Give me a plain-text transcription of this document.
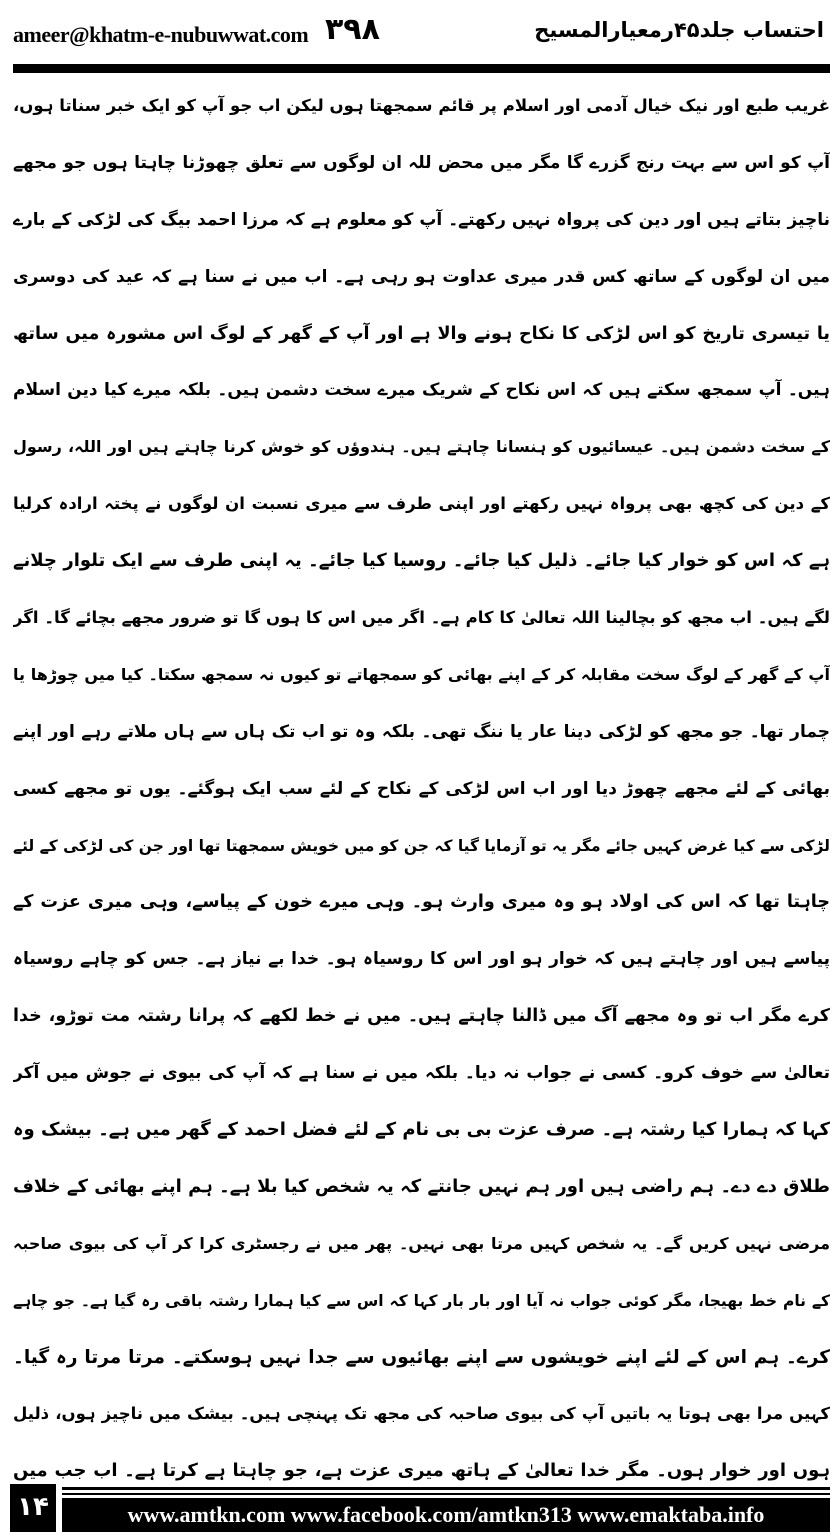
ameer@khatm-e-nubuwwat.com ۳۹۸	احتساب جلد۴۵رمعیارالمسیح
غریب طبع اور نیک خیال آدمی اور اسلام پر قائم سمجھتا ہوں لیکن اب جو آپ کو ایک خبر سناتا ہوں،
آپ کو اس سے بہت رنج گزرے گا مگر میں محض للہ ان لوگوں سے تعلق چھوڑنا چاہتا ہوں جو مجھے
ناچیز بتاتے ہیں اور دین کی پرواہ نہیں رکھتے۔ آپ کو معلوم ہے کہ مرزا احمد بیگ کی لڑکی کے بارے
میں ان لوگوں کے ساتھ کس قدر میری عداوت ہو رہی ہے۔ اب میں نے سنا ہے کہ عید کی دوسری
یا تیسری تاریخ کو اس لڑکی کا نکاح ہونے والا ہے اور آپ کے گھر کے لوگ اس مشورہ میں ساتھ
ہیں۔ آپ سمجھ سکتے ہیں کہ اس نکاح کے شریک میرے سخت دشمن ہیں۔ بلکہ میرے کیا دین اسلام
کے سخت دشمن ہیں۔ عیسائیوں کو ہنسانا چاہتے ہیں۔ ہندوؤں کو خوش کرنا چاہتے ہیں اور اللہ، رسول
کے دین کی کچھ بھی پرواہ نہیں رکھتے اور اپنی طرف سے میری نسبت ان لوگوں نے پختہ ارادہ کرلیا
ہے کہ اس کو خوار کیا جائے۔ ذلیل کیا جائے۔ روسیا کیا جائے۔ یہ اپنی طرف سے ایک تلوار چلانے
لگے ہیں۔ اب مجھ کو بچالینا اللہ تعالیٰ کا کام ہے۔ اگر میں اس کا ہوں گا تو ضرور مجھے بچائے گا۔ اگر
آپ کے گھر کے لوگ سخت مقابلہ کر کے اپنے بھائی کو سمجھاتے تو کیوں نہ سمجھ سکتا۔ کیا میں چوڑھا یا
چمار تھا۔ جو مجھ کو لڑکی دینا عار یا ننگ تھی۔ بلکہ وہ تو اب تک ہاں سے ہاں ملاتے رہے اور اپنے
بھائی کے لئے مجھے چھوڑ دیا اور اب اس لڑکی کے نکاح کے لئے سب ایک ہوگئے۔ یوں تو مجھے کسی
لڑکی سے کیا غرض کہیں جائے مگر یہ تو آزمایا گیا کہ جن کو میں خویش سمجھتا تھا اور جن کی لڑکی کے لئے
چاہتا تھا کہ اس کی اولاد ہو وہ میری وارث ہو۔ وہی میرے خون کے پیاسے، وہی میری عزت کے
پیاسے ہیں اور چاہتے ہیں کہ خوار ہو اور اس کا روسیاہ ہو۔ خدا بے نیاز ہے۔ جس کو چاہے روسیاہ
کرے مگر اب تو وہ مجھے آگ میں ڈالنا چاہتے ہیں۔ میں نے خط لکھے کہ پرانا رشتہ مت توڑو، خدا
تعالیٰ سے خوف کرو۔ کسی نے جواب نہ دیا۔ بلکہ میں نے سنا ہے کہ آپ کی بیوی نے جوش میں آکر
کہا کہ ہمارا کیا رشتہ ہے۔ صرف عزت بی بی نام کے لئے فضل احمد کے گھر میں ہے۔ بیشک وہ
طلاق دے دے۔ ہم راضی ہیں اور ہم نہیں جانتے کہ یہ شخص کیا بلا ہے۔ ہم اپنے بھائی کے خلاف
مرضی نہیں کریں گے۔ یہ شخص کہیں مرتا بھی نہیں۔ پھر میں نے رجسٹری کرا کر آپ کی بیوی صاحبہ
کے نام خط بھیجا، مگر کوئی جواب نہ آیا اور بار بار کہا کہ اس سے کیا ہمارا رشتہ باقی رہ گیا ہے۔ جو چاہے
کرے۔ ہم اس کے لئے اپنے خویشوں سے اپنے بھائیوں سے جدا نہیں ہوسکتے۔ مرتا مرتا رہ گیا۔
کہیں مرا بھی ہوتا یہ باتیں آپ کی بیوی صاحبہ کی مجھ تک پہنچی ہیں۔ بیشک میں ناچیز ہوں، ذلیل
ہوں اور خوار ہوں۔ مگر خدا تعالیٰ کے ہاتھ میری عزت ہے، جو چاہتا ہے کرتا ہے۔ اب جب میں
۱۴	www.amtkn.com www.facebook.com/amtkn313 www.emaktaba.info
